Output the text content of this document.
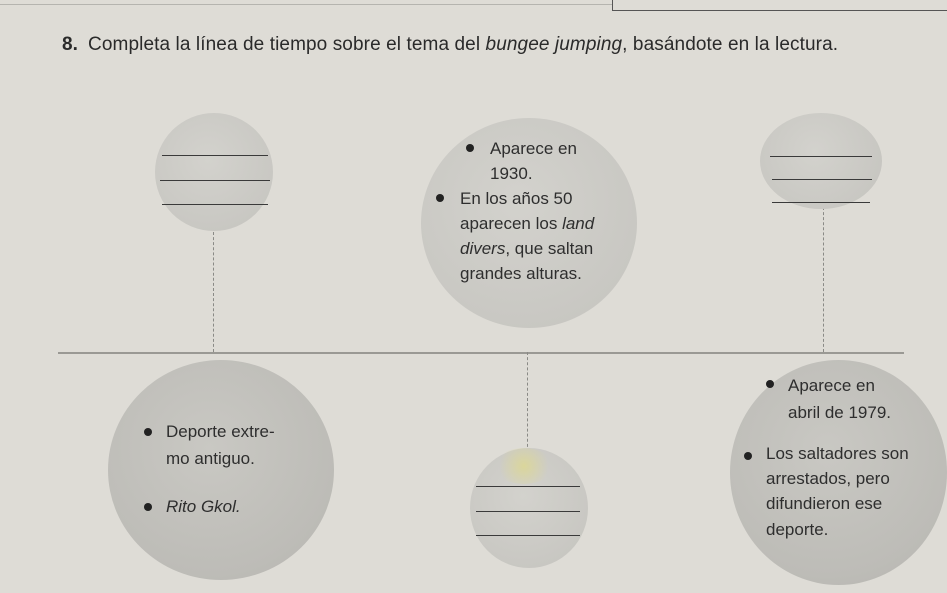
8. Completa la línea de tiempo sobre el tema del bungee jumping, basándote en la lectura.
Aparece en
1930.
En los años 50
aparecen los land
divers, que saltan
grandes alturas.
Deporte extre-
mo antiguo.
Rito Gkol.
Aparece en
abril de 1979.
Los saltadores son
arrestados, pero
difundieron ese
deporte.
